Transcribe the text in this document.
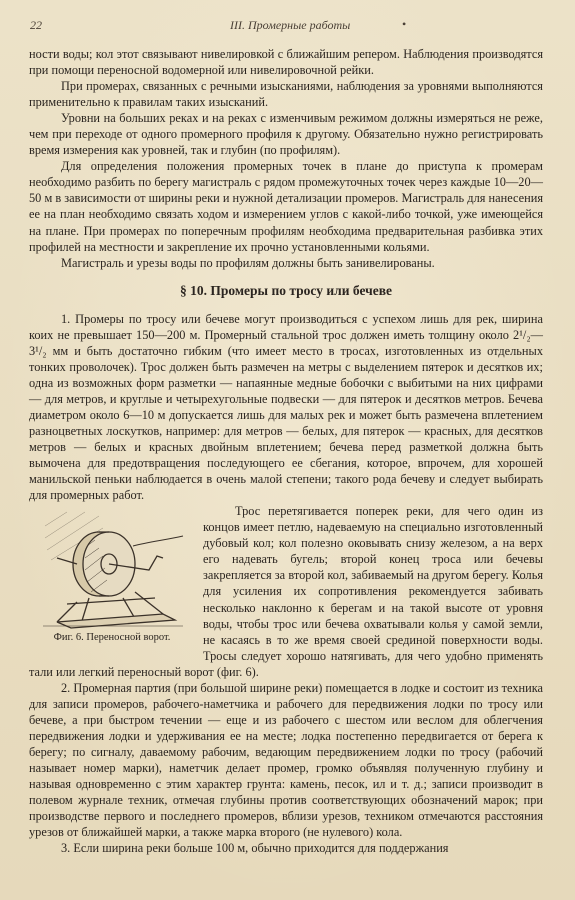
22	III. Промерные работы	•

ности воды; кол этот связывают нивелировкой с ближайшим репером. Наблюдения производятся при помощи переносной водомерной или нивелировочной рейки.

При промерах, связанных с речными изысканиями, наблюдения за уровнями выполняются применительно к правилам таких изысканий.

Уровни на больших реках и на реках с изменчивым режимом должны измеряться не реже, чем при переходе от одного промерного профиля к другому. Обязательно нужно регистрировать время измерения как уровней, так и глубин (по профилям).

Для определения положения промерных точек в плане до приступа к промерам необходимо разбить по берегу магистраль с рядом промежуточных точек через каждые 10—20—50 м в зависимости от ширины реки и нужной детализации промеров. Магистраль для нанесения ее на план необходимо связать ходом и измерением углов с какой-либо точкой, уже имеющейся на плане. При промерах по поперечным профилям необходима предварительная разбивка этих профилей на местности и закрепление их прочно установленными кольями.

Магистраль и урезы воды по профилям должны быть занивелированы.

§ 10. Промеры по тросу или бечеве

1. Промеры по тросу или бечеве могут производиться с успехом лишь для рек, ширина коих не превышает 150—200 м. Промерный стальной трос должен иметь толщину около 2¹/₂—3¹/₂ мм и быть достаточно гибким (что имеет место в тросах, изготовленных из отдельных тонких проволочек). Трос должен быть размечен на метры с выделением пятерок и десятков их; одна из возможных форм разметки — напаянные медные бобочки с выбитыми на них цифрами — для метров, и круглые и четырехугольные подвески — для пятерок и десятков метров. Бечева диаметром около 6—10 м допускается лишь для малых рек и может быть размечена вплетением разноцветных лоскутков, например: для метров — белых, для пятерок — красных, для десятков метров — белых и красных двойным вплетением; бечева перед разметкой должна быть вымочена для предотвращения последующего ее сбегания, которое, впрочем, для хорошей манильской пеньки наблюдается в очень малой степени; такого рода бечеву и следует выбирать для промерных работ.

Фиг. 6. Переносной ворот.

Трос перетягивается поперек реки, для чего один из концов имеет петлю, надеваемую на специально изготовленный дубовый кол; кол полезно оковывать снизу железом, а на верх его надевать бугель; второй конец троса или бечевы закрепляется за второй кол, забиваемый на другом берегу. Колья для усиления их сопротивления рекомендуется забивать несколько наклонно к берегам и на такой высоте от уровня воды, чтобы трос или бечева охватывали колья у самой земли, не касаясь в то же время своей срединой поверхности воды. Тросы следует хорошо натягивать, для чего удобно применять тали или легкий переносный ворот (фиг. 6).

2. Промерная партия (при большой ширине реки) помещается в лодке и состоит из техника для записи промеров, рабочего-наметчика и рабочего для передвижения лодки по тросу или бечеве, а при быстром течении — еще и из рабочего с шестом или веслом для облегчения передвижения лодки и удерживания ее на месте; лодка постепенно передвигается от берега к берегу; по сигналу, даваемому рабочим, ведающим передвижением лодки по тросу (рабочий называет номер марки), наметчик делает промер, громко объявляя полученную глубину и называя одновременно с этим характер грунта: камень, песок, ил и т. д.; записи производит в полевом журнале техник, отмечая глубины против соответствующих обозначений марок; при производстве первого и последнего промеров, вблизи урезов, техником отмечаются расстояния урезов от ближайшей марки, а также марка второго (не нулевого) кола.

3. Если ширина реки больше 100 м, обычно приходится для поддержания
